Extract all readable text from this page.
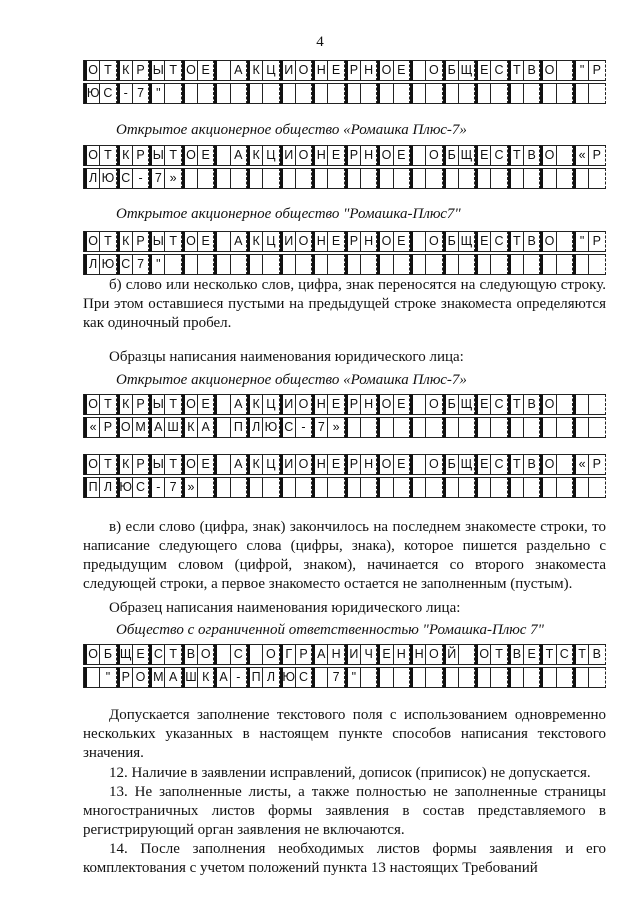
4
О Т К Р Ы Т О Е	А К Ц И О Н Е Р Н О Е	О Б Щ Е С Т В О	" Р
Ю С - 7 "
Открытое акционерное общество «Ромашка Плюс-7»
О Т К Р Ы Т О Е	А К Ц И О Н Е Р Н О Е	О Б Щ Е С Т В О	« Р
Л Ю С - 7 »
Открытое акционерное общество "Ромашка-Плюс7"
О Т К Р Ы Т О Е	А К Ц И О Н Е Р Н О Е	О Б Щ Е С Т В О	" Р
Л Ю С 7 "
б) слово или несколько слов, цифра, знак переносятся на следующую строку. При этом оставшиеся пустыми на предыдущей строке знакоместа определяются как одиночный пробел.
Образцы написания наименования юридического лица:
Открытое акционерное общество «Ромашка Плюс-7»
О Т К Р Ы Т О Е	А К Ц И О Н Е Р Н О Е	О Б Щ Е С Т В О
« Р О М А Ш К А	П Л Ю С - 7 »
О Т К Р Ы Т О Е	А К Ц И О Н Е Р Н О Е	О Б Щ Е С Т В О	« Р
П Л Ю С - 7 »
в) если слово (цифра, знак) закончилось на последнем знакоместе строки, то написание следующего слова (цифры, знака), которое пишется раздельно с предыдущим словом (цифрой, знаком), начинается со второго знакоместа следующей строки, а первое знакоместо остается не заполненным (пустым).
Образец написания наименования юридического лица:
Общество с ограниченной ответственностью "Ромашка-Плюс 7"
О Б Щ Е С Т В О	С	О Г Р А Н И Ч Е Н Н О Й	О Т В Е Т С Т В
" Р О М А Ш К А - П Л Ю С	7 "
Допускается заполнение текстового поля с использованием одновременно нескольких указанных в настоящем пункте способов написания текстового значения.
12. Наличие в заявлении исправлений, дописок (приписок) не допускается.
13. Не заполненные листы, а также полностью не заполненные страницы многостраничных листов формы заявления в состав представляемого в регистрирующий орган заявления не включаются.
14. После заполнения необходимых листов формы заявления и его комплектования с учетом положений пункта 13 настоящих Требований
